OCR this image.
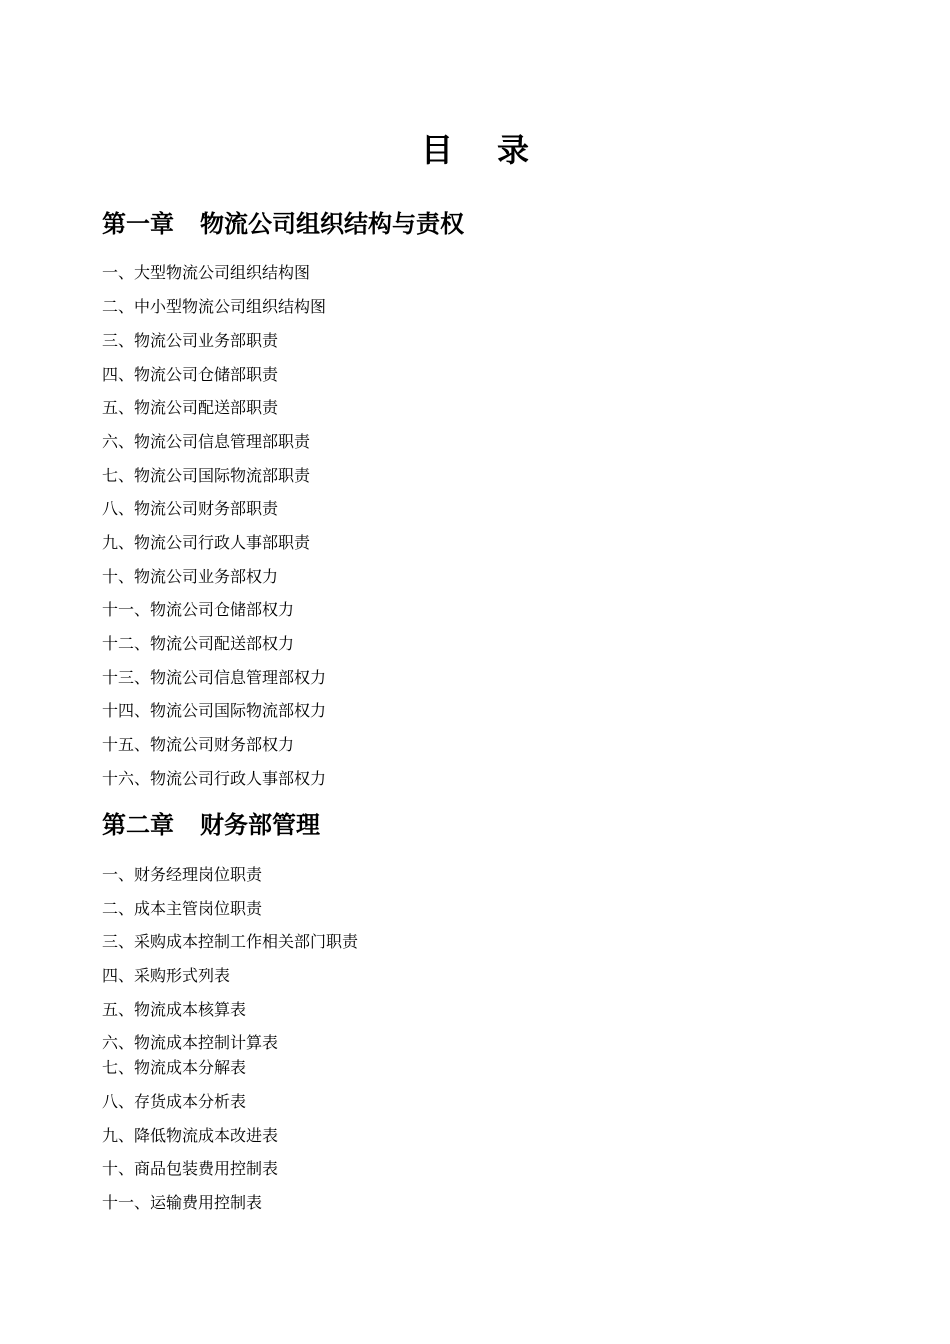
目 录
第一章 物流公司组织结构与责权
一、大型物流公司组织结构图
二、中小型物流公司组织结构图
三、物流公司业务部职责
四、物流公司仓储部职责
五、物流公司配送部职责
六、物流公司信息管理部职责
七、物流公司国际物流部职责
八、物流公司财务部职责
九、物流公司行政人事部职责
十、物流公司业务部权力
十一、物流公司仓储部权力
十二、物流公司配送部权力
十三、物流公司信息管理部权力
十四、物流公司国际物流部权力
十五、物流公司财务部权力
十六、物流公司行政人事部权力
第二章 财务部管理
一、财务经理岗位职责
二、成本主管岗位职责
三、采购成本控制工作相关部门职责
四、采购形式列表
五、物流成本核算表
六、物流成本控制计算表
七、物流成本分解表
八、存货成本分析表
九、降低物流成本改进表
十、商品包装费用控制表
十一、运输费用控制表
